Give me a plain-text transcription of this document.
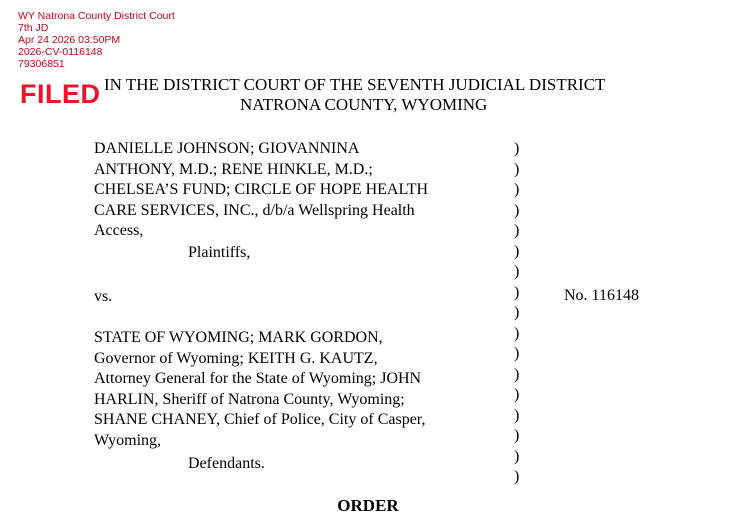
WY Natrona County District Court
7th JD
Apr 24 2026 03:50PM
2026-CV-0116148
79306851
FILED IN THE DISTRICT COURT OF THE SEVENTH JUDICIAL DISTRICT
NATRONA COUNTY, WYOMING
DANIELLE JOHNSON; GIOVANNINA
ANTHONY, M.D.; RENE HINKLE, M.D.;
CHELSEA’S FUND; CIRCLE OF HOPE HEALTH
CARE SERVICES, INC., d/b/a Wellspring Health
Access,
Plaintiffs,
vs.
STATE OF WYOMING; MARK GORDON,
Governor of Wyoming; KEITH G. KAUTZ,
Attorney General for the State of Wyoming; JOHN
HARLIN, Sheriff of Natrona County, Wyoming;
SHANE CHANEY, Chief of Police, City of Casper,
Wyoming,
Defendants.
)
)
)
)
)
)
)
)
)
)
)
)
)
)
)
)
)
No. 116148
ORDER
